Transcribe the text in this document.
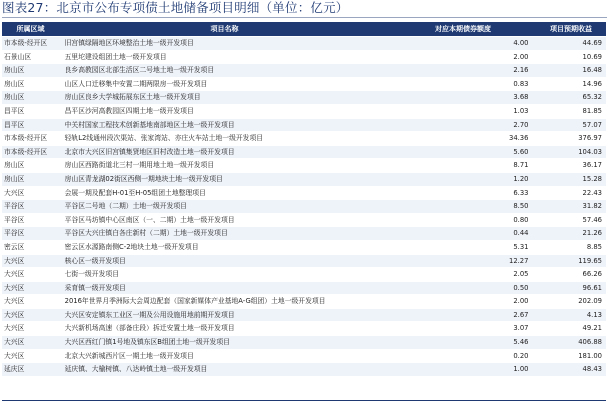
图表27：北京市公布专项债土地储备项目明细（单位：亿元）
所属区域	项目名称	对应本期债券额度	项目预期收益
市本级-经开区	旧宫镇绿隔地区环境整治土地一级开发项目	4.00	44.69
石景山区	五里坨建设组团土地一级开发项目	2.00	10.69
房山区	良乡高教园区北部生活区二号地土地一级开发项目	2.16	16.48
房山区	山区人口迁移集中安置二期两限房一级开发项目	0.83	14.96
房山区	房山区良乡大学城拓展东区土地一级开发项目	3.68	65.32
昌平区	昌平区沙河高教园区四期土地一级开发项目	1.03	81.85
昌平区	中关村国家工程技术创新基地南部地区土地一级开发项目	2.70	57.07
市本级-经开区	轻轨L2线通州段次渠站、张家湾站、亦庄火车站土地一级开发项目	34.36	376.97
市本级-经开区	北京市大兴区旧宫镇集贤地区旧村改造土地一级开发项目	5.60	104.03
房山区	房山区西路街道北三村一期用地土地一级开发项目	8.71	36.17
房山区	房山区青龙湖02街区西侧一期地块土地一级开发项目	1.20	15.28
大兴区	会展一期及配套H-01至H-05组团土地整理项目	6.33	22.43
平谷区	平谷区二号地（二期）土地一级开发项目	8.50	31.82
平谷区	平谷区马坊镇中心区南区（一、二期）土地一级开发项目	0.80	57.46
平谷区	平谷区大兴庄镇白各庄新村（二期）土地一级开发项目	0.44	21.26
密云区	密云区水源路南侧C-2地块土地一级开发项目	5.31	8.85
大兴区	核心区一级开发项目	12.27	119.65
大兴区	七街一级开发项目	2.05	66.26
大兴区	采育镇一级开发项目	0.50	96.61
大兴区	2016年世界月季洲际大会周边配套（国家新媒体产业基地A-G组团）土地一级开发项目	2.00	202.09
大兴区	大兴区安定镇东工业区一期及公用设施用地前期开发项目	2.67	4.13
大兴区	大兴新机场高速（部备庄段）拆迁安置土地一级开发项目	3.07	49.21
大兴区	大兴区西红门镇1号地及镇东区B组团土地一级开发项目	5.46	406.88
大兴区	北京大兴新城西片区一期土地一级开发项目	0.20	181.00
延庆区	延庆镇、大榆树镇、八达岭镇土地一级开发项目	1.00	48.43
